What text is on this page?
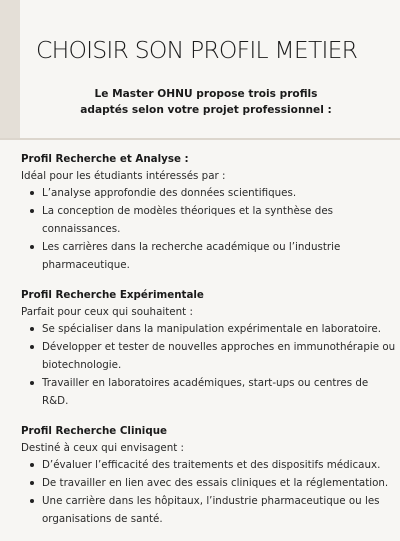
CHOISIR SON PROFIL METIER

Le Master OHNU propose trois profils
adaptés selon votre projet professionnel :

Profil Recherche et Analyse :

Idéal pour les étudiants intéressés par :

L’analyse approfondie des données scientifiques.
La conception de modèles théoriques et la synthèse des connaissances.
Les carrières dans la recherche académique ou l’industrie pharmaceutique.

Profil Recherche Expérimentale

Parfait pour ceux qui souhaitent :

Se spécialiser dans la manipulation expérimentale en laboratoire.
Développer et tester de nouvelles approches en immunothérapie ou biotechnologie.
Travailler en laboratoires académiques, start-ups ou centres de R&D.

Profil Recherche Clinique

Destiné à ceux qui envisagent :

D’évaluer l’efficacité des traitements et des dispositifs médicaux.
De travailler en lien avec des essais cliniques et la réglementation.
Une carrière dans les hôpitaux, l’industrie pharmaceutique ou les organisations de santé.
